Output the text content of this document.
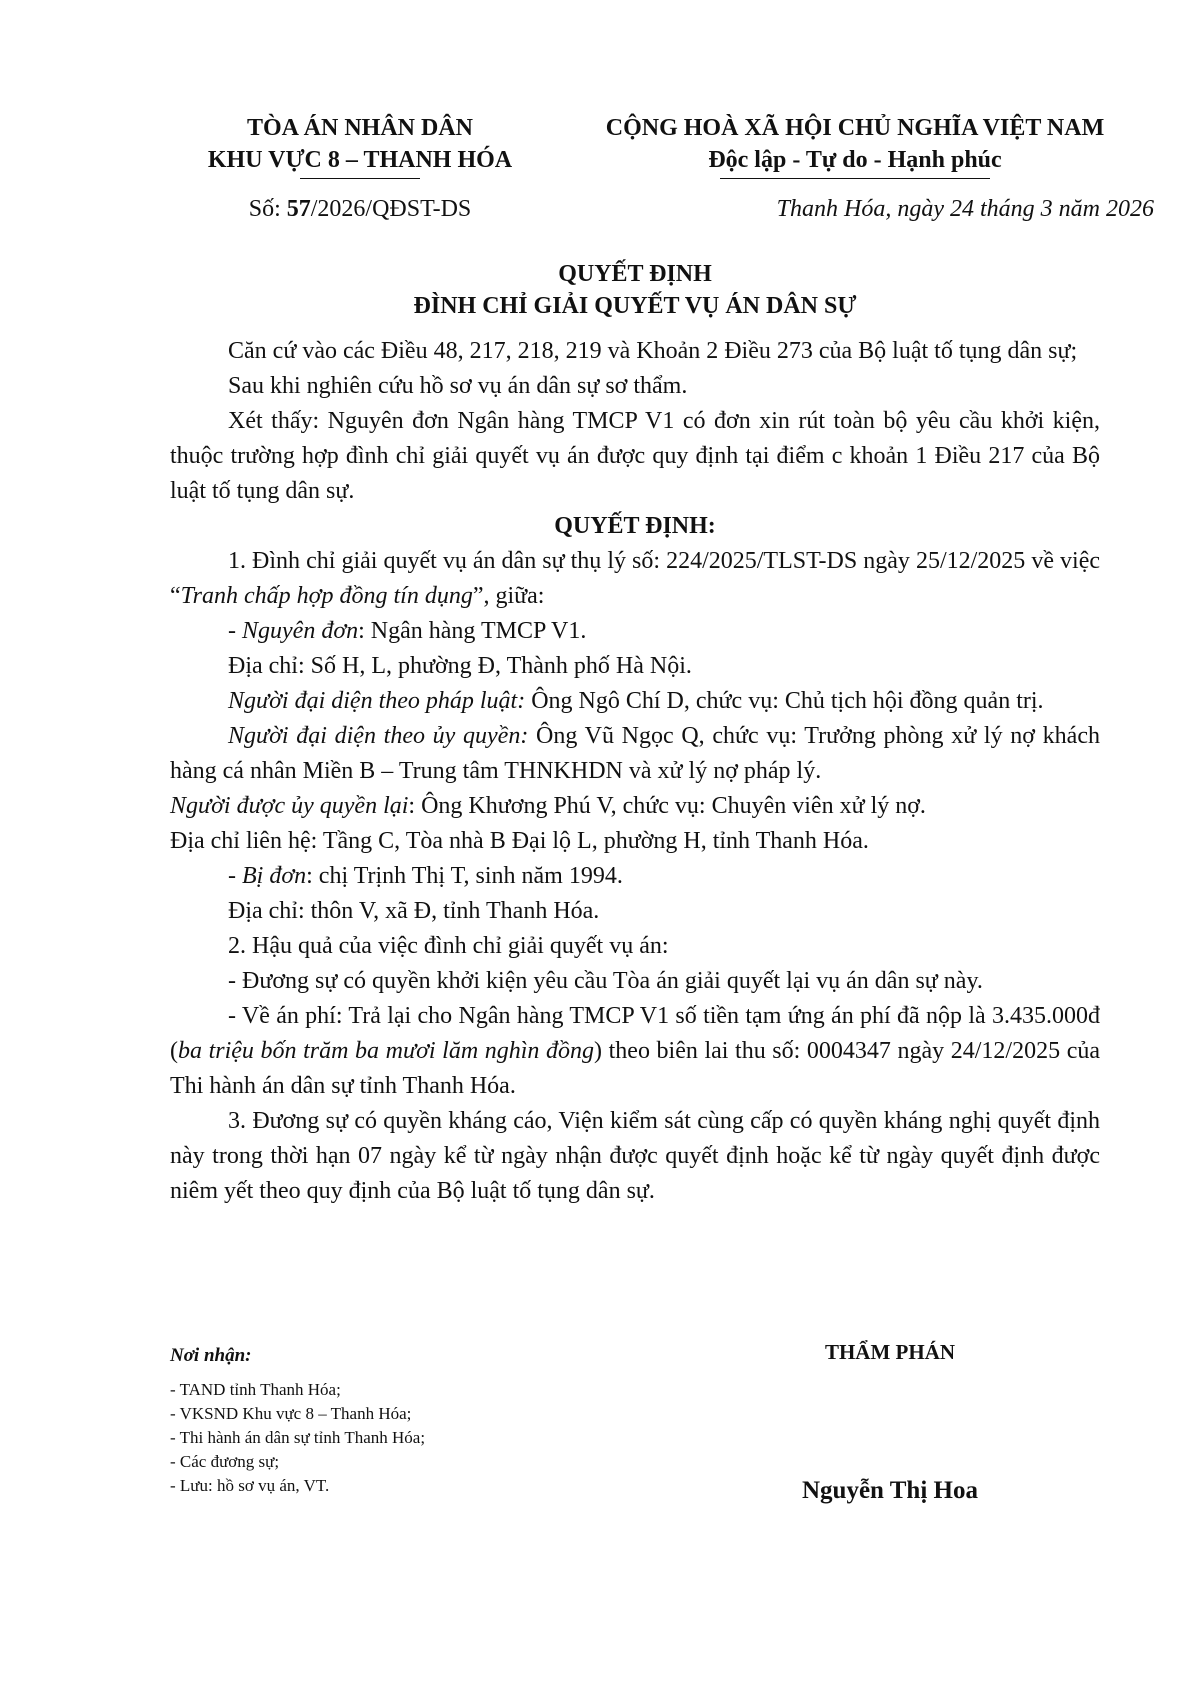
TÒA ÁN NHÂN DÂN
KHU VỰC 8 – THANH HÓA
CỘNG HOÀ XÃ HỘI CHỦ NGHĨA VIỆT NAM
Độc lập - Tự do - Hạnh phúc
Số: 57/2026/QĐST-DS	Thanh Hóa, ngày 24 tháng 3 năm 2026
QUYẾT ĐỊNH
ĐÌNH CHỈ GIẢI QUYẾT VỤ ÁN DÂN SỰ

Căn cứ vào các Điều 48, 217, 218, 219 và Khoản 2 Điều 273 của Bộ luật tố tụng dân sự;

Sau khi nghiên cứu hồ sơ vụ án dân sự sơ thẩm.

Xét thấy: Nguyên đơn Ngân hàng TMCP V1 có đơn xin rút toàn bộ yêu cầu khởi kiện, thuộc trường hợp đình chỉ giải quyết vụ án được quy định tại điểm c khoản 1 Điều 217 của Bộ luật tố tụng dân sự.

QUYẾT ĐỊNH:

1. Đình chỉ giải quyết vụ án dân sự thụ lý số: 224/2025/TLST-DS ngày 25/12/2025 về việc “Tranh chấp hợp đồng tín dụng”, giữa:

- Nguyên đơn: Ngân hàng TMCP V1.

Địa chỉ: Số H, L, phường Đ, Thành phố Hà Nội.

Người đại diện theo pháp luật: Ông Ngô Chí D, chức vụ: Chủ tịch hội đồng quản trị.

Người đại diện theo ủy quyền: Ông Vũ Ngọc Q, chức vụ: Trưởng phòng xử lý nợ khách hàng cá nhân Miền B – Trung tâm THNKHDN và xử lý nợ pháp lý.

Người được ủy quyền lại: Ông Khương Phú V, chức vụ: Chuyên viên xử lý nợ.

Địa chỉ liên hệ: Tầng C, Tòa nhà B Đại lộ L, phường H, tỉnh Thanh Hóa.

- Bị đơn: chị Trịnh Thị T, sinh năm 1994.

Địa chỉ: thôn V, xã Đ, tỉnh Thanh Hóa.

2. Hậu quả của việc đình chỉ giải quyết vụ án:

- Đương sự có quyền khởi kiện yêu cầu Tòa án giải quyết lại vụ án dân sự này.

- Về án phí: Trả lại cho Ngân hàng TMCP V1 số tiền tạm ứng án phí đã nộp là 3.435.000đ (ba triệu bốn trăm ba mươi lăm nghìn đồng) theo biên lai thu số: 0004347 ngày 24/12/2025 của Thi hành án dân sự tỉnh Thanh Hóa.

3. Đương sự có quyền kháng cáo, Viện kiểm sát cùng cấp có quyền kháng nghị quyết định này trong thời hạn 07 ngày kể từ ngày nhận được quyết định hoặc kể từ ngày quyết định được niêm yết theo quy định của Bộ luật tố tụng dân sự.

Nơi nhận:
- TAND tỉnh Thanh Hóa;
- VKSND Khu vực 8 – Thanh Hóa;
- Thi hành án dân sự tỉnh Thanh Hóa;
- Các đương sự;
- Lưu: hồ sơ vụ án, VT.
THẨM PHÁN
Nguyễn Thị Hoa
